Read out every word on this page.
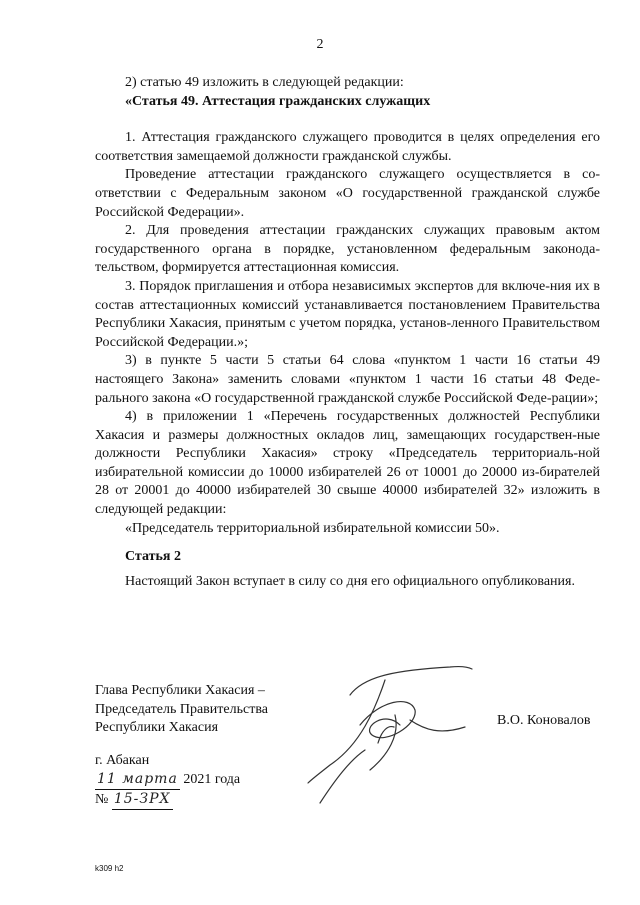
2

2) статью 49 изложить в следующей редакции:

«Статья 49. Аттестация гражданских служащих

1. Аттестация гражданского служащего проводится в целях определения его соответствия замещаемой должности гражданской службы.

Проведение аттестации гражданского служащего осуществляется в со-ответствии с Федеральным законом «О государственной гражданской службе Российской Федерации».

2. Для проведения аттестации гражданских служащих правовым актом государственного органа в порядке, установленном федеральным законода-тельством, формируется аттестационная комиссия.

3. Порядок приглашения и отбора независимых экспертов для включе-ния их в состав аттестационных комиссий устанавливается постановлением Правительства Республики Хакасия, принятым с учетом порядка, установ-ленного Правительством Российской Федерации.»;

3) в пункте 5 части 5 статьи 64 слова «пунктом 1 части 16 статьи 49 настоящего Закона» заменить словами «пунктом 1 части 16 статьи 48 Феде-рального закона «О государственной гражданской службе Российской Феде-рации»;

4) в приложении 1 «Перечень государственных должностей Республики Хакасия и размеры должностных окладов лиц, замещающих государствен-ные должности Республики Хакасия» строку «Председатель территориаль-ной избирательной комиссии до 10000 избирателей 26 от 10001 до 20000 из-бирателей 28 от 20001 до 40000 избирателей 30 свыше 40000 избирателей 32» изложить в следующей редакции:

«Председатель территориальной избирательной комиссии 50».

Статья 2
Настоящий Закон вступает в силу со дня его официального опубликования.
Глава Республики Хакасия –
Председатель Правительства
Республики Хакасия	В.О. Коновалов
г. Абакан
11 марта 2021 года
№ 15-ЗРХ
k309 h2
